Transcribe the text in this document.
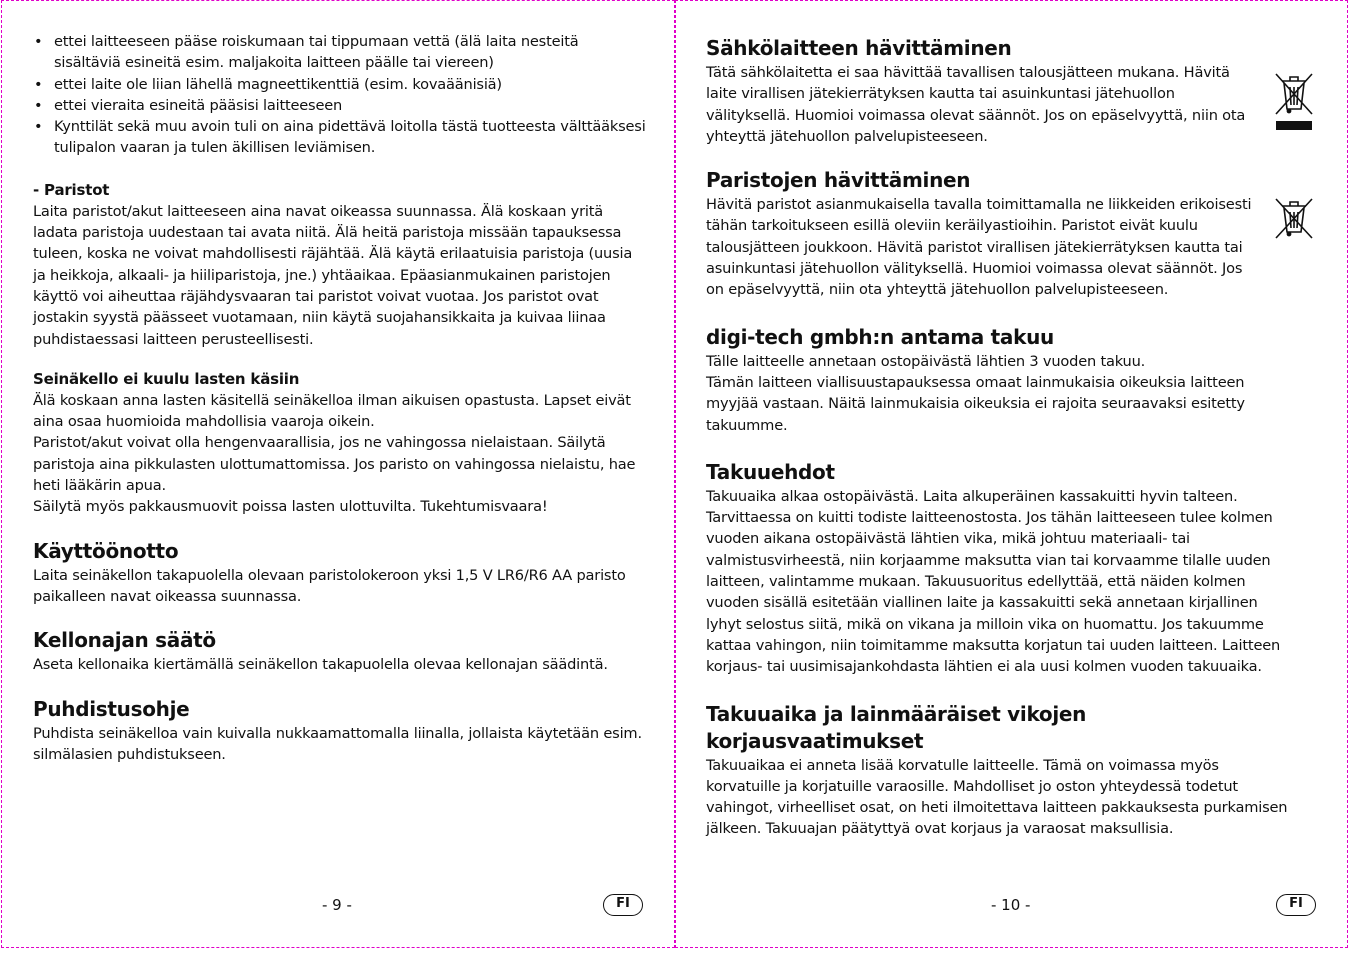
• ettei laitteeseen pääse roiskumaan tai tippumaan vettä (älä laita nesteitä sisältäviä esineitä esim. maljakoita laitteen päälle tai viereen)
• ettei laite ole liian lähellä magneettikenttiä (esim. kovaäänisiä)
• ettei vieraita esineitä pääsisi laitteeseen
• Kynttilät sekä muu avoin tuli on aina pidettävä loitolla tästä tuotteesta välttääksesi tulipalon vaaran ja tulen äkillisen leviämisen.
- Paristot

Laita paristot/akut laitteeseen aina navat oikeassa suunnassa. Älä koskaan yritä ladata paristoja uudestaan tai avata niitä. Älä heitä paristoja missään tapauksessa tuleen, koska ne voivat mahdollisesti räjähtää. Älä käytä erilaatuisia paristoja (uusia ja heikkoja, alkaali- ja hiiliparistoja, jne.) yhtäaikaa. Epäasianmukainen paristojen käyttö voi aiheuttaa räjähdysvaaran tai paristot voivat vuotaa. Jos paristot ovat jostakin syystä päässeet vuotamaan, niin käytä suojahansikkaita ja kuivaa liinaa puhdistaessasi laitteen perusteellisesti.

Seinäkello ei kuulu lasten käsiin

Älä koskaan anna lasten käsitellä seinäkelloa ilman aikuisen opastusta. Lapset eivät aina osaa huomioida mahdollisia vaaroja oikein.

Paristot/akut voivat olla hengenvaarallisia, jos ne vahingossa nielaistaan. Säilytä paristoja aina pikkulasten ulottumattomissa. Jos paristo on vahingossa nielaistu, hae heti lääkärin apua.

Säilytä myös pakkausmuovit poissa lasten ulottuvilta. Tukehtumisvaara!

Käyttöönotto

Laita seinäkellon takapuolella olevaan paristolokeroon yksi 1,5 V LR6/R6 AA paristo paikalleen navat oikeassa suunnassa.

Kellonajan säätö

Aseta kellonaika kiertämällä seinäkellon takapuolella olevaa kellonajan säädintä.

Puhdistusohje

Puhdista seinäkelloa vain kuivalla nukkaamattomalla liinalla, jollaista käytetään esim. silmälasien puhdistukseen.

- 9 -	FI
Sähkölaitteen hävittäminen

Tätä sähkölaitetta ei saa hävittää tavallisen talousjätteen mukana. Hävitä laite virallisen jätekierrätyksen kautta tai asuinkuntasi jätehuollon välityksellä. Huomioi voimassa olevat säännöt. Jos on epäselvyyttä, niin ota yhteyttä jätehuollon palvelupisteeseen.

Paristojen hävittäminen

Hävitä paristot asianmukaisella tavalla toimittamalla ne liikkeiden erikoisesti tähän tarkoitukseen esillä oleviin keräilyastioihin. Paristot eivät kuulu talousjätteen joukkoon. Hävitä paristot virallisen jätekierrätyksen kautta tai asuinkuntasi jätehuollon välityksellä. Huomioi voimassa olevat säännöt. Jos on epäselvyyttä, niin ota yhteyttä jätehuollon palvelupisteeseen.

digi-tech gmbh:n antama takuu

Tälle laitteelle annetaan ostopäivästä lähtien 3 vuoden takuu.

Tämän laitteen viallisuustapauksessa omaat lainmukaisia oikeuksia laitteen myyjää vastaan. Näitä lainmukaisia oikeuksia ei rajoita seuraavaksi esitetty takuumme.

Takuuehdot

Takuuaika alkaa ostopäivästä. Laita alkuperäinen kassakuitti hyvin talteen. Tarvittaessa on kuitti todiste laitteenostosta. Jos tähän laitteeseen tulee kolmen vuoden aikana ostopäivästä lähtien vika, mikä johtuu materiaali- tai valmistusvirheestä, niin korjaamme maksutta vian tai korvaamme tilalle uuden laitteen, valintamme mukaan. Takuusuoritus edellyttää, että näiden kolmen vuoden sisällä esitetään viallinen laite ja kassakuitti sekä annetaan kirjallinen lyhyt selostus siitä, mikä on vikana ja milloin vika on huomattu. Jos takuumme kattaa vahingon, niin toimitamme maksutta korjatun tai uuden laitteen. Laitteen korjaus- tai uusimisajankohdasta lähtien ei ala uusi kolmen vuoden takuuaika.

Takuuaika ja lainmääräiset vikojen korjausvaatimukset

Takuuaikaa ei anneta lisää korvatulle laitteelle. Tämä on voimassa myös korvatuille ja korjatuille varaosille. Mahdolliset jo oston yhteydessä todetut vahingot, virheelliset osat, on heti ilmoitettava laitteen pakkauksesta purkamisen jälkeen. Takuuajan päätyttyä ovat korjaus ja varaosat maksullisia.

- 10 -	FI
